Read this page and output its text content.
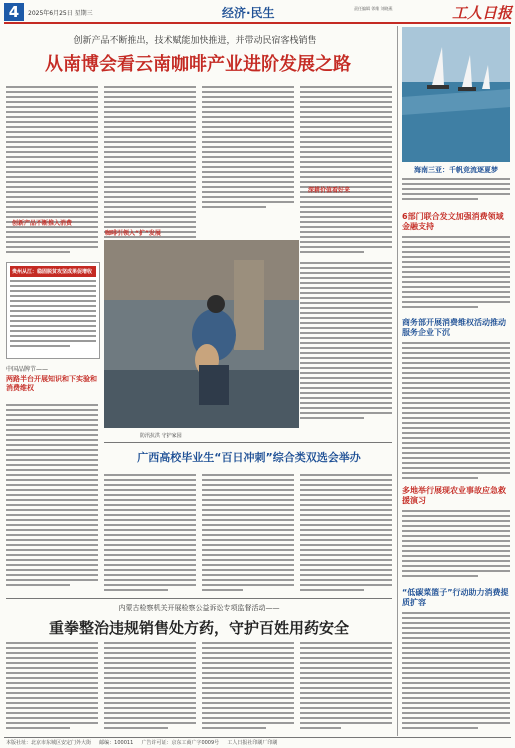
4	2025年6月25日 星期三	经济·民生	责任编辑 邻维 刘晓燕	工人日报
创新产品不断推出，技术赋能加快推进，并带动民宿客栈销售
从南博会看云南咖啡产业进阶发展之路
创新产品不断推入消费
咖啡引领入“扩”发展
深耕价值看好来
贵州从江：稳固脱贫攻坚成果促增收
防汛抗洪 守护家园
中国品牌节——
两路半台开展知识和下实验和消费维权
广西高校毕业生“百日冲刺”综合类双选会举办
内蒙古检察机关开展检察公益诉讼专项监督活动——
重拳整治违规销售处方药，守护百姓用药安全
海南三亚：千帆竞流逐夏梦
6部门联合发文加强消费领域金融支持
商务部开展消费维权活动推动服务企业下沉
多地举行展现农业事故应急救援演习
“低碳菜篮子”行动助力消费提质扩容
本版社址：北京市东城区安定门外大街 　 邮编：100011 　 广告许可证：京东工商广字0009号 　 工人日报社印刷厂印刷
